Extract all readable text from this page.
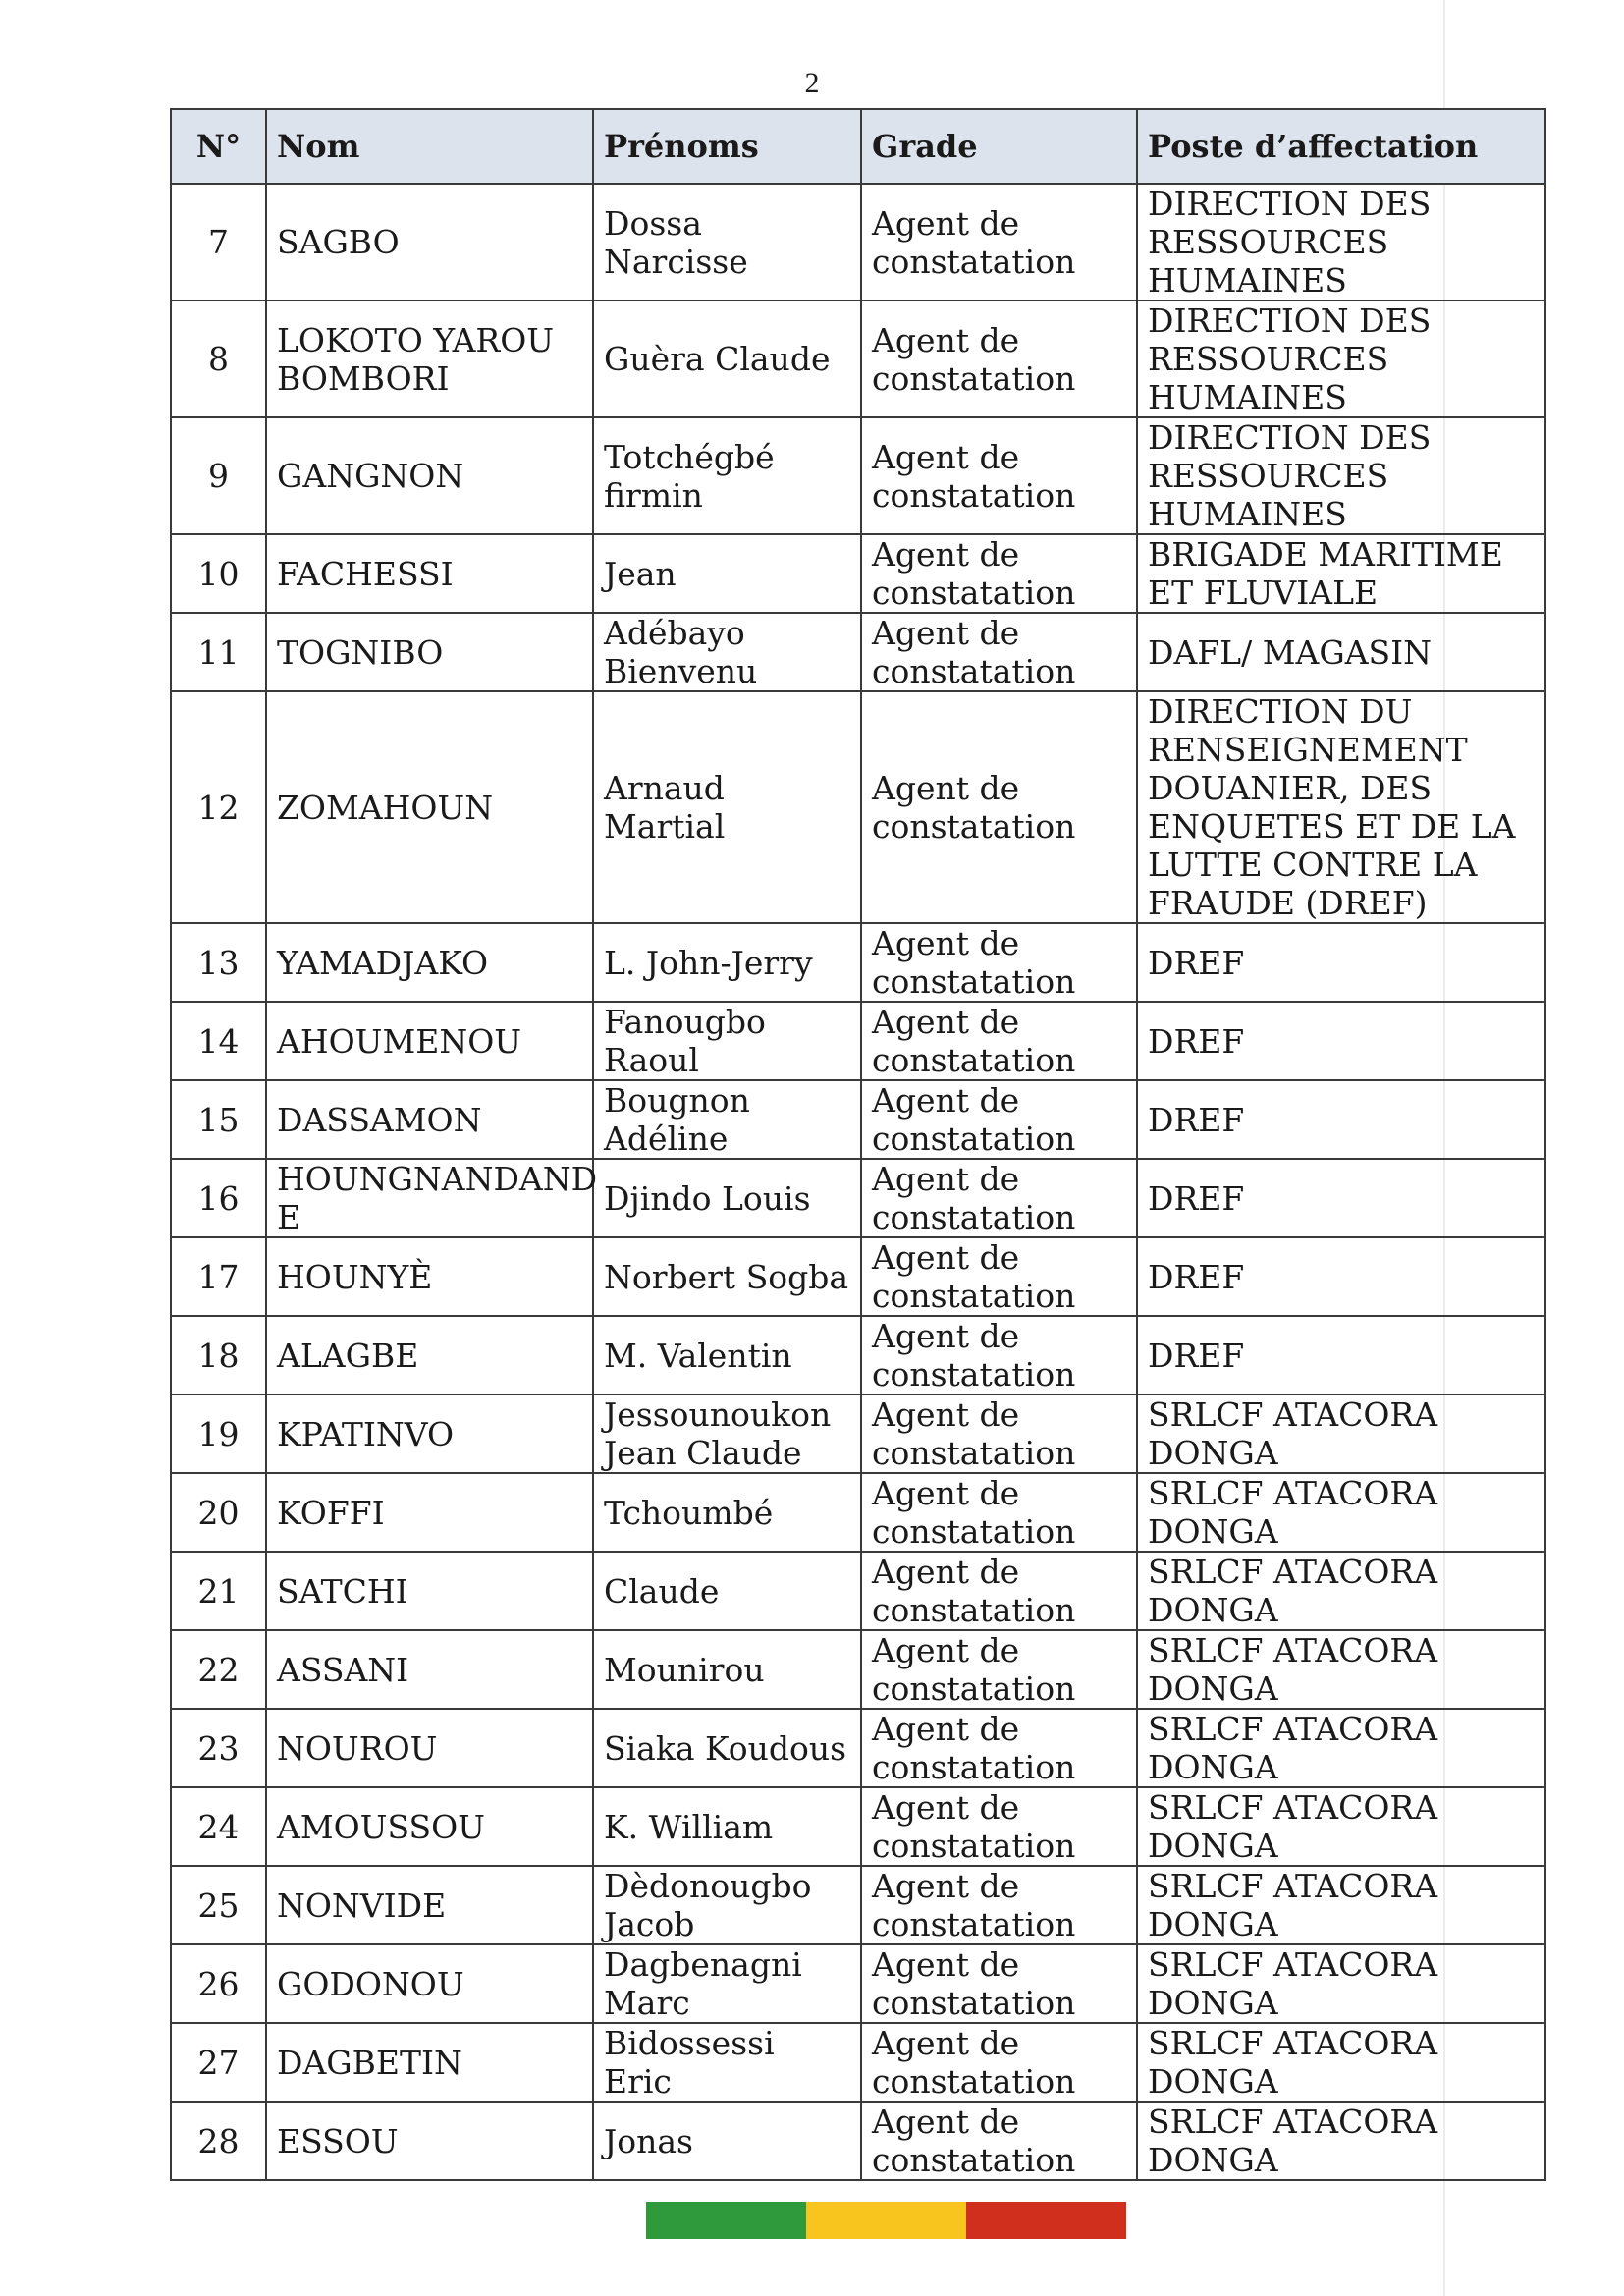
2
N°	Nom	Prénoms	Grade	Poste d’affectation
7	SAGBO	Dossa Narcisse	Agent de constatation	DIRECTION DES RESSOURCES HUMAINES
8	LOKOTO YAROU BOMBORI	Guèra Claude	Agent de constatation	DIRECTION DES RESSOURCES HUMAINES
9	GANGNON	Totchégbé firmin	Agent de constatation	DIRECTION DES RESSOURCES HUMAINES
10	FACHESSI	Jean	Agent de constatation	BRIGADE MARITIME ET FLUVIALE
11	TOGNIBO	Adébayo Bienvenu	Agent de constatation	DAFL/ MAGASIN
12	ZOMAHOUN	Arnaud Martial	Agent de constatation	DIRECTION DU RENSEIGNEMENT DOUANIER, DES ENQUETES ET DE LA LUTTE CONTRE LA FRAUDE (DREF)
13	YAMADJAKO	L. John-Jerry	Agent de constatation	DREF
14	AHOUMENOU	Fanougbo Raoul	Agent de constatation	DREF
15	DASSAMON	Bougnon Adéline	Agent de constatation	DREF
16	HOUNGNANDAND E	Djindo Louis	Agent de constatation	DREF
17	HOUNYÈ	Norbert Sogba	Agent de constatation	DREF
18	ALAGBE	M. Valentin	Agent de constatation	DREF
19	KPATINVO	Jessounoukon Jean Claude	Agent de constatation	SRLCF ATACORA DONGA
20	KOFFI	Tchoumbé	Agent de constatation	SRLCF ATACORA DONGA
21	SATCHI	Claude	Agent de constatation	SRLCF ATACORA DONGA
22	ASSANI	Mounirou	Agent de constatation	SRLCF ATACORA DONGA
23	NOUROU	Siaka Koudous	Agent de constatation	SRLCF ATACORA DONGA
24	AMOUSSOU	K. William	Agent de constatation	SRLCF ATACORA DONGA
25	NONVIDE	Dèdonougbo Jacob	Agent de constatation	SRLCF ATACORA DONGA
26	GODONOU	Dagbenagni Marc	Agent de constatation	SRLCF ATACORA DONGA
27	DAGBETIN	Bidossessi Eric	Agent de constatation	SRLCF ATACORA DONGA
28	ESSOU	Jonas	Agent de constatation	SRLCF ATACORA DONGA
